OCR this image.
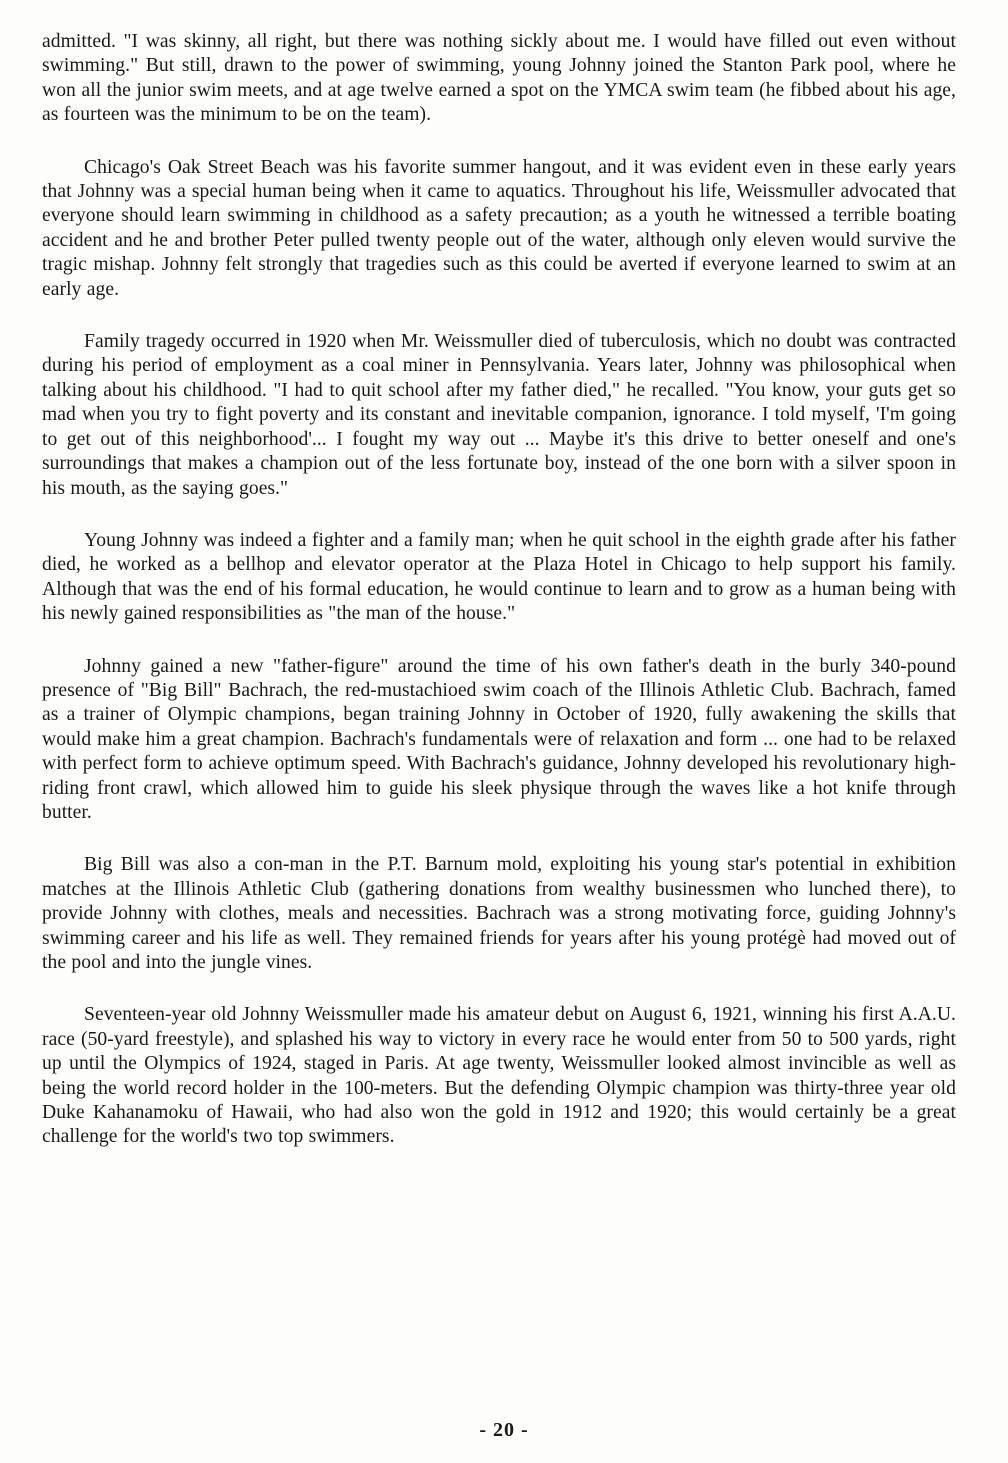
admitted. "I was skinny, all right, but there was nothing sickly about me. I would have filled out even without swimming." But still, drawn to the power of swimming, young Johnny joined the Stanton Park pool, where he won all the junior swim meets, and at age twelve earned a spot on the YMCA swim team (he fibbed about his age, as fourteen was the minimum to be on the team).

Chicago's Oak Street Beach was his favorite summer hangout, and it was evident even in these early years that Johnny was a special human being when it came to aquatics. Throughout his life, Weissmuller advocated that everyone should learn swimming in childhood as a safety precaution; as a youth he witnessed a terrible boating accident and he and brother Peter pulled twenty people out of the water, although only eleven would survive the tragic mishap. Johnny felt strongly that tragedies such as this could be averted if everyone learned to swim at an early age.

Family tragedy occurred in 1920 when Mr. Weissmuller died of tuberculosis, which no doubt was contracted during his period of employment as a coal miner in Pennsylvania. Years later, Johnny was philosophical when talking about his childhood. "I had to quit school after my father died," he recalled. "You know, your guts get so mad when you try to fight poverty and its constant and inevitable companion, ignorance. I told myself, 'I'm going to get out of this neighborhood'... I fought my way out ... Maybe it's this drive to better oneself and one's surroundings that makes a champion out of the less fortunate boy, instead of the one born with a silver spoon in his mouth, as the saying goes."

Young Johnny was indeed a fighter and a family man; when he quit school in the eighth grade after his father died, he worked as a bellhop and elevator operator at the Plaza Hotel in Chicago to help support his family. Although that was the end of his formal education, he would continue to learn and to grow as a human being with his newly gained responsibilities as "the man of the house."

Johnny gained a new "father-figure" around the time of his own father's death in the burly 340-pound presence of "Big Bill" Bachrach, the red-mustachioed swim coach of the Illinois Athletic Club. Bachrach, famed as a trainer of Olympic champions, began training Johnny in October of 1920, fully awakening the skills that would make him a great champion. Bachrach's fundamentals were of relaxation and form ... one had to be relaxed with perfect form to achieve optimum speed. With Bachrach's guidance, Johnny developed his revolutionary high-riding front crawl, which allowed him to guide his sleek physique through the waves like a hot knife through butter.

Big Bill was also a con-man in the P.T. Barnum mold, exploiting his young star's potential in exhibition matches at the Illinois Athletic Club (gathering donations from wealthy businessmen who lunched there), to provide Johnny with clothes, meals and necessities. Bachrach was a strong motivating force, guiding Johnny's swimming career and his life as well. They remained friends for years after his young protégè had moved out of the pool and into the jungle vines.

Seventeen-year old Johnny Weissmuller made his amateur debut on August 6, 1921, winning his first A.A.U. race (50-yard freestyle), and splashed his way to victory in every race he would enter from 50 to 500 yards, right up until the Olympics of 1924, staged in Paris. At age twenty, Weissmuller looked almost invincible as well as being the world record holder in the 100-meters. But the defending Olympic champion was thirty-three year old Duke Kahanamoku of Hawaii, who had also won the gold in 1912 and 1920; this would certainly be a great challenge for the world's two top swimmers.

- 20 -
